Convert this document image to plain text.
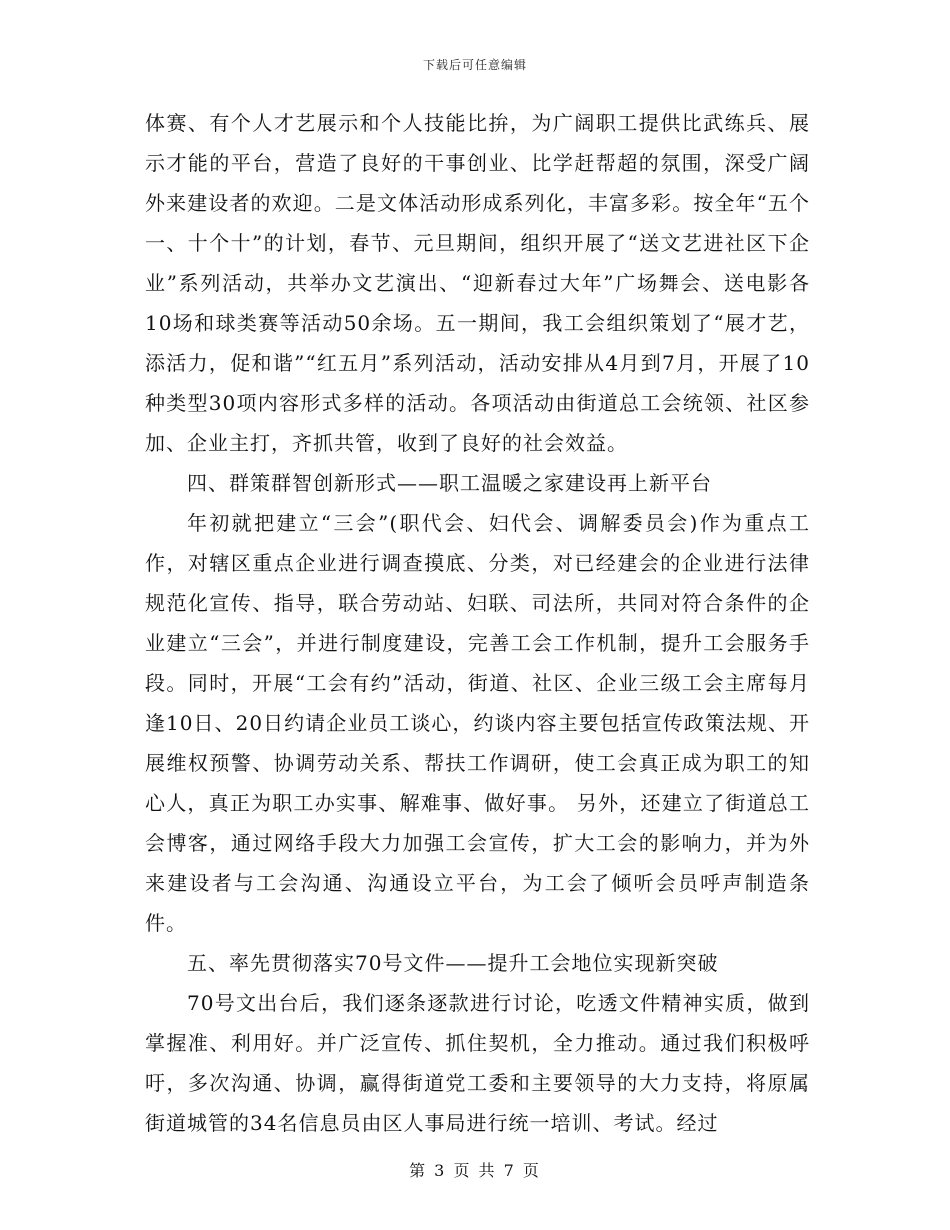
下载后可任意编辑

体赛、有个人才艺展示和个人技能比拚，为广阔职工提供比武练兵、展示才能的平台，营造了良好的干事创业、比学赶帮超的氛围，深受广阔外来建设者的欢迎。二是文体活动形成系列化，丰富多彩。按全年“五个一、十个十”的计划，春节、元旦期间，组织开展了“送文艺进社区下企业”系列活动，共举办文艺演出、“迎新春过大年”广场舞会、送电影各10场和球类赛等活动50余场。五一期间，我工会组织策划了“展才艺，添活力，促和谐”“红五月”系列活动，活动安排从4月到7月，开展了10种类型30项内容形式多样的活动。各项活动由街道总工会统领、社区参加、企业主打，齐抓共管，收到了良好的社会效益。

四、群策群智创新形式——职工温暖之家建设再上新平台

年初就把建立“三会”(职代会、妇代会、调解委员会)作为重点工作，对辖区重点企业进行调查摸底、分类，对已经建会的企业进行法律规范化宣传、指导，联合劳动站、妇联、司法所，共同对符合条件的企业建立“三会”，并进行制度建设，完善工会工作机制，提升工会服务手段。同时，开展“工会有约”活动，街道、社区、企业三级工会主席每月逢10日、20日约请企业员工谈心，约谈内容主要包括宣传政策法规、开展维权预警、协调劳动关系、帮扶工作调研，使工会真正成为职工的知心人，真正为职工办实事、解难事、做好事。 另外，还建立了街道总工会博客，通过网络手段大力加强工会宣传，扩大工会的影响力，并为外来建设者与工会沟通、沟通设立平台，为工会了倾听会员呼声制造条件。

五、率先贯彻落实70号文件——提升工会地位实现新突破

70号文出台后，我们逐条逐款进行讨论，吃透文件精神实质，做到掌握准、利用好。并广泛宣传、抓住契机，全力推动。通过我们积极呼吁，多次沟通、协调，赢得街道党工委和主要领导的大力支持，将原属街道城管的34名信息员由区人事局进行统一培训、考试。经过

第 3 页 共 7 页
